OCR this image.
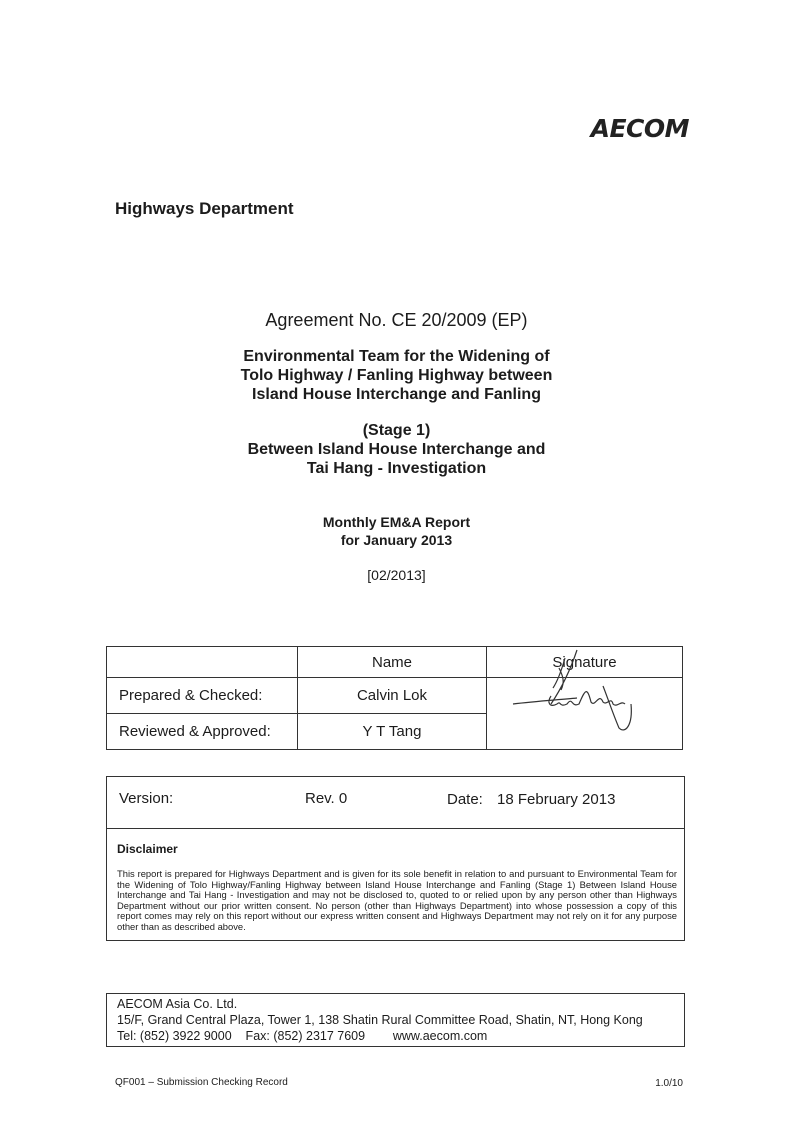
AECOM
Highways Department
Agreement No. CE 20/2009 (EP)
Environmental Team for the Widening of
Tolo Highway / Fanling Highway between
Island House Interchange and Fanling
(Stage 1)
Between Island House Interchange and
Tai Hang - Investigation
Monthly EM&A Report
for January 2013
[02/2013]
	Name	Signature
Prepared & Checked:	Calvin Lok	

Reviewed & Approved:	Y T Tang	
Version:	Rev. 0	Date: 18 February 2013
Disclaimer
This report is prepared for Highways Department and is given for its sole benefit in relation to and pursuant to Environmental Team for the Widening of Tolo Highway/Fanling Highway between Island House Interchange and Fanling (Stage 1) Between Island House Interchange and Tai Hang - Investigation and may not be disclosed to, quoted to or relied upon by any person other than Highways Department without our prior written consent. No person (other than Highways Department) into whose possession a copy of this report comes may rely on this report without our express written consent and Highways Department may not rely on it for any purpose other than as described above.
AECOM Asia Co. Ltd.
15/F, Grand Central Plaza, Tower 1, 138 Shatin Rural Committee Road, Shatin, NT, Hong Kong
Tel: (852) 3922 9000    Fax: (852) 2317 7609        www.aecom.com
QF001 – Submission Checking Record	1.0/10
